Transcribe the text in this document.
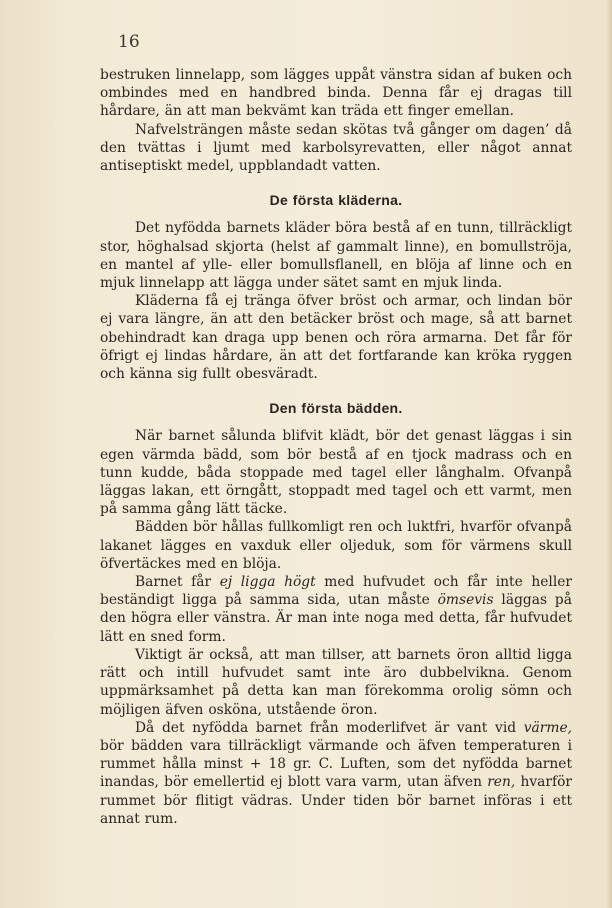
16

bestruken linnelapp, som lägges uppåt vänstra sidan af buken och ombindes med en handbred binda. Denna får ej dragas till hårdare, än att man bekvämt kan träda ett finger emellan.

Nafvelsträngen måste sedan skötas två gånger om dagen’ då den tvättas i ljumt med karbolsyrevatten, eller något annat antiseptiskt medel, uppblandadt vatten.

De första kläderna.

Det nyfödda barnets kläder böra bestå af en tunn, tillräckligt stor, höghalsad skjorta (helst af gammalt linne), en bomullströja, en mantel af ylle- eller bomullsflanell, en blöja af linne och en mjuk linnelapp att lägga under sätet samt en mjuk linda.

Kläderna få ej tränga öfver bröst och armar, och lindan bör ej vara längre, än att den betäcker bröst och mage, så att barnet obehindradt kan draga upp benen och röra armarna. Det får för öfrigt ej lindas hårdare, än att det fortfarande kan kröka ryggen och känna sig fullt obesväradt.

Den första bädden.

När barnet sålunda blifvit klädt, bör det genast läggas i sin egen värmda bädd, som bör bestå af en tjock madrass och en tunn kudde, båda stoppade med tagel eller långhalm. Ofvanpå läggas lakan, ett örngått, stoppadt med tagel och ett varmt, men på samma gång lätt täcke.

Bädden bör hållas fullkomligt ren och luktfri, hvarför ofvanpå lakanet lägges en vaxduk eller oljeduk, som för värmens skull öfvertäckes med en blöja.

Barnet får ej ligga högt med hufvudet och får inte heller beständigt ligga på samma sida, utan måste ömsevis läggas på den högra eller vänstra. Är man inte noga med detta, får hufvudet lätt en sned form.

Viktigt är också, att man tillser, att barnets öron alltid ligga rätt och intill hufvudet samt inte äro dubbelvikna. Genom uppmärksamhet på detta kan man förekomma orolig sömn och möjligen äfven osköna, utstående öron.

Då det nyfödda barnet från moderlifvet är vant vid värme, bör bädden vara tillräckligt värmande och äfven temperaturen i rummet hålla minst + 18 gr. C. Luften, som det nyfödda barnet inandas, bör emellertid ej blott vara varm, utan äfven ren, hvarför rummet bör flitigt vädras. Under tiden bör barnet införas i ett annat rum.
